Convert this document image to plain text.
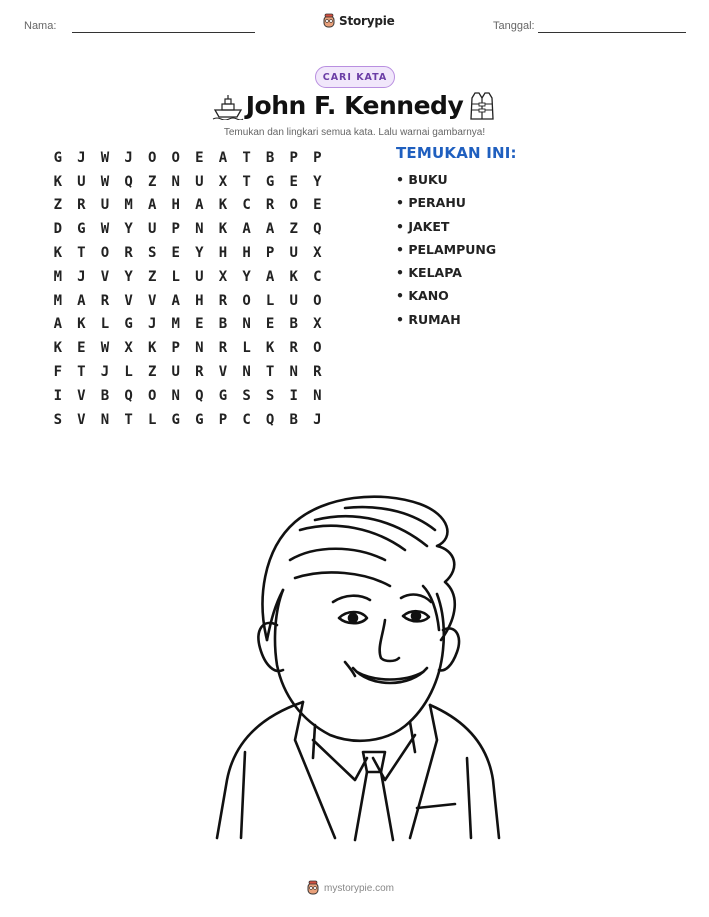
Nama:	Storypie	Tanggal:
CARI KATA
John F. Kennedy
Temukan dan lingkari semua kata. Lalu warnai gambarnya!
G	J	W	J	O	O	E	A	T	B	P	P
K	U	W	Q	Z	N	U	X	T	G	E	Y
Z	R	U	M	A	H	A	K	C	R	O	E
D	G	W	Y	U	P	N	K	A	A	Z	Q
K	T	O	R	S	E	Y	H	H	P	U	X
M	J	V	Y	Z	L	U	X	Y	A	K	C
M	A	R	V	V	A	H	R	O	L	U	O
A	K	L	G	J	M	E	B	N	E	B	X
K	E	W	X	K	P	N	R	L	K	R	O
F	T	J	L	Z	U	R	V	N	T	N	R
I	V	B	Q	O	N	Q	G	S	S	I	N
S	V	N	T	L	G	G	P	C	Q	B	J
TEMUKAN INI:
• BUKU
• PERAHU
• JAKET
• PELAMPUNG
• KELAPA
• KANO
• RUMAH
mystorypie.com
